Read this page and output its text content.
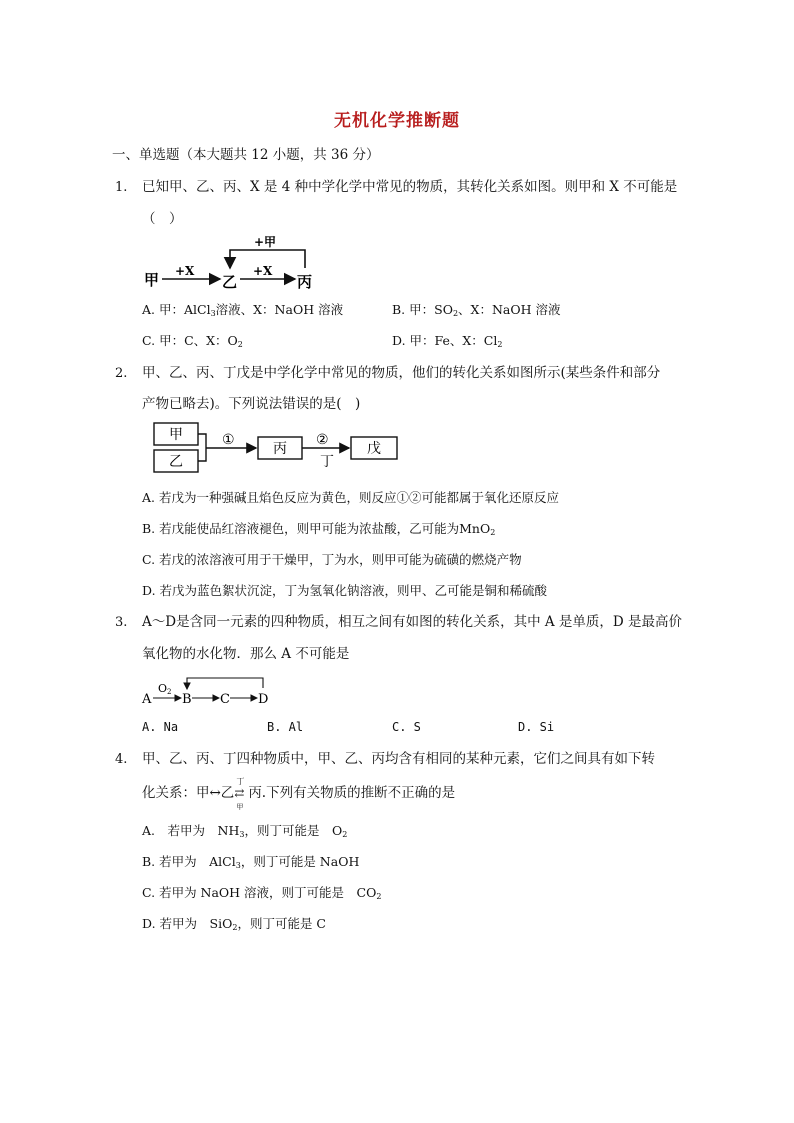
无机化学推断题
一、单选题（本大题共 12 小题，共 36 分）
1. 已知甲、乙、丙、X 是 4 种中学化学中常见的物质，其转化关系如图。则甲和 X 不可能是
（　）
甲 +X
乙
+X
丙
+甲
A. 甲：AlCl$_3$溶液、X：NaOH 溶液	B. 甲：$SO_2$、X：NaOH 溶液
C. 甲：C、X：$O_2$	D. 甲：Fe、X：$Cl_2$
2. 甲、乙、丙、丁戊是中学化学中常见的物质，他们的转化关系如图所示(某些条件和部分
产物已略去)。下列说法错误的是(　)
甲
乙
①
丙
②
丁
戊
A. 若戊为一种强碱且焰色反应为黄色，则反应①②可能都属于氧化还原反应
B. 若戊能使品红溶液褪色，则甲可能为浓盐酸，乙可能为MnO$_2$
C. 若戊的浓溶液可用于干燥甲，丁为水，则甲可能为硫磺的燃烧产物
D. 若戊为蓝色絮状沉淀，丁为氢氧化钠溶液，则甲、乙可能是铜和稀硫酸
3. A～D是含同一元素的四种物质，相互之间有如图的转化关系，其中 A 是单质，D 是最高价
氧化物的水化物．那么 A 不可能是
A
O2 B C D
A. Na	B. Al	C. S	D. Si
4. 甲、乙、丙、丁四种物质中，甲、乙、丙均含有相同的某种元素，它们之间具有如下转
化关系：甲↔乙
丁
⇄
甲
丙.下列有关物质的推断不正确的是
A.　若甲为　$NH_3$，则丁可能是　$O_2$
B. 若甲为　AlCl$_3$，则丁可能是 NaOH
C. 若甲为 NaOH 溶液，则丁可能是　$CO_2$
D. 若甲为　SiO$_2$，则丁可能是 C
